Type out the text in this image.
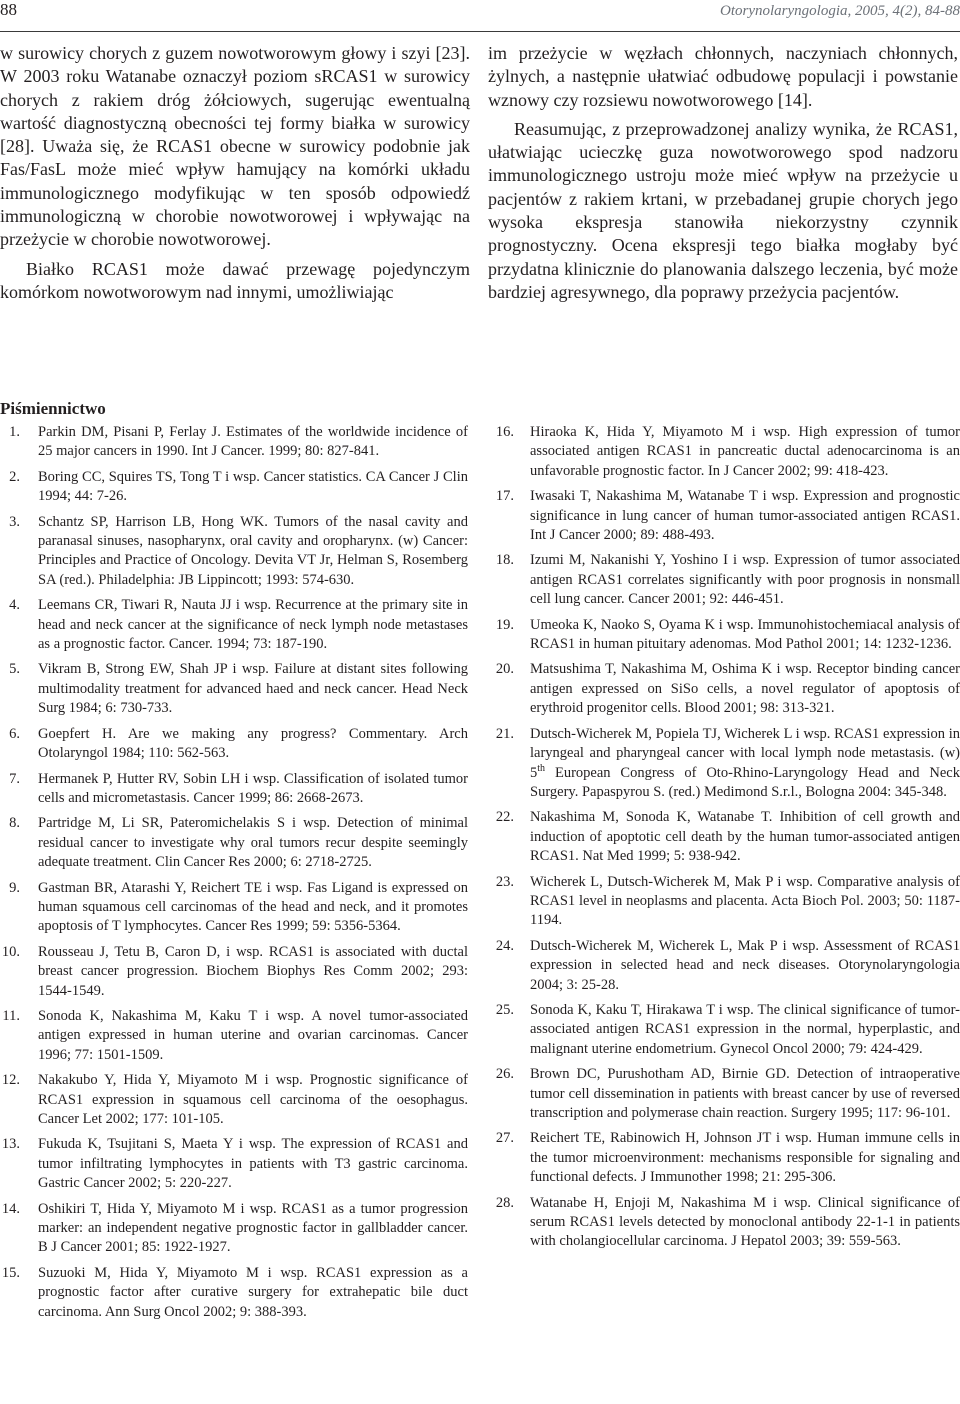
88	Otorynolaryngologia, 2005, 4(2), 84-88

w surowicy chorych z guzem nowotworowym głowy i szyi [23]. W 2003 roku Watanabe oznaczył poziom sRCAS1 w surowicy chorych z rakiem dróg żółciowych, sugerując ewentualną wartość diagnostyczną obecności tej formy białka w surowicy [28]. Uważa się, że RCAS1 obecne w surowicy podobnie jak Fas/FasL może mieć wpływ hamujący na komórki układu immunologicznego modyfikując w ten sposób odpowiedź immunologiczną w chorobie nowotworowej i wpływając na przeżycie w chorobie nowotworowej.

Białko RCAS1 może dawać przewagę pojedynczym komórkom nowotworowym nad innymi, umożliwiając

im przeżycie w węzłach chłonnych, naczyniach chłonnych, żylnych, a następnie ułatwiać odbudowę populacji i powstanie wznowy czy rozsiewu nowotworowego [14].

Reasumując, z przeprowadzonej analizy wynika, że RCAS1, ułatwiając ucieczkę guza nowotworowego spod nadzoru immunologicznego ustroju może mieć wpływ na przeżycie u pacjentów z rakiem krtani, w przebadanej grupie chorych jego wysoka ekspresja stanowiła niekorzystny czynnik prognostyczny. Ocena ekspresji tego białka mogłaby być przydatna klinicznie do planowania dalszego leczenia, być może bardziej agresywnego, dla poprawy przeżycia pacjentów.

Piśmiennictwo
1.	Parkin DM, Pisani P, Ferlay J. Estimates of the worldwide incidence of 25 major cancers in 1990. Int J Cancer. 1999; 80: 827-841.
2.	Boring CC, Squires TS, Tong T i wsp. Cancer statistics. CA Cancer J Clin 1994; 44: 7-26.
3.	Schantz SP, Harrison LB, Hong WK. Tumors of the nasal cavity and paranasal sinuses, nasopharynx, oral cavity and oropharynx. (w) Cancer: Principles and Practice of Oncology. Devita VT Jr, Helman S, Rosemberg SA (red.). Philadelphia: JB Lippincott; 1993: 574-630.
4.	Leemans CR, Tiwari R, Nauta JJ i wsp. Recurrence at the primary site in head and neck cancer at the significance of neck lymph node metastases as a prognostic factor. Cancer. 1994; 73: 187-190.
5.	Vikram B, Strong EW, Shah JP i wsp. Failure at distant sites following multimodality treatment for advanced haed and neck cancer. Head Neck Surg 1984; 6: 730-733.
6.	Goepfert H. Are we making any progress? Commentary. Arch Otolaryngol 1984; 110: 562-563.
7.	Hermanek P, Hutter RV, Sobin LH i wsp. Classification of isolated tumor cells and micrometastasis. Cancer 1999; 86: 2668-2673.
8.	Partridge M, Li SR, Pateromichelakis S i wsp. Detection of minimal residual cancer to investigate why oral tumors recur despite seemingly adequate treatment. Clin Cancer Res 2000; 6: 2718-2725.
9.	Gastman BR, Atarashi Y, Reichert TE i wsp. Fas Ligand is expressed on human squamous cell carcinomas of the head and neck, and it promotes apoptosis of T lymphocytes. Cancer Res 1999; 59: 5356-5364.
10.	Rousseau J, Tetu B, Caron D, i wsp. RCAS1 is associated with ductal breast cancer progression. Biochem Biophys Res Comm 2002; 293: 1544-1549.
11.	Sonoda K, Nakashima M, Kaku T i wsp. A novel tumor-associated antigen expressed in human uterine and ovarian carcinomas. Cancer 1996; 77: 1501-1509.
12.	Nakakubo Y, Hida Y, Miyamoto M i wsp. Prognostic significance of RCAS1 expression in squamous cell carcinoma of the oesophagus. Cancer Let 2002; 177: 101-105.
13.	Fukuda K, Tsujitani S, Maeta Y i wsp. The expression of RCAS1 and tumor infiltrating lymphocytes in patients with T3 gastric carcinoma. Gastric Cancer 2002; 5: 220-227.
14.	Oshikiri T, Hida Y, Miyamoto M i wsp. RCAS1 as a tumor progression marker: an independent negative prognostic factor in gallbladder cancer. B J Cancer 2001; 85: 1922-1927.
15.	Suzuoki M, Hida Y, Miyamoto M i wsp. RCAS1 expression as a prognostic factor after curative surgery for extrahepatic bile duct carcinoma. Ann Surg Oncol 2002; 9: 388-393.
16.	Hiraoka K, Hida Y, Miyamoto M i wsp. High expression of tumor associated antigen RCAS1 in pancreatic ductal adenocarcinoma is an unfavorable prognostic factor. In J Cancer 2002; 99: 418-423.
17.	Iwasaki T, Nakashima M, Watanabe T i wsp. Expression and prognostic significance in lung cancer of human tumor-associated antigen RCAS1. Int J Cancer 2000; 89: 488-493.
18.	Izumi M, Nakanishi Y, Yoshino I i wsp. Expression of tumor associated antigen RCAS1 correlates significantly with poor prognosis in nonsmall cell lung cancer. Cancer 2001; 92: 446-451.
19.	Umeoka K, Naoko S, Oyama K i wsp. Immunohistochemiacal analysis of RCAS1 in human pituitary adenomas. Mod Pathol 2001; 14: 1232-1236.
20.	Matsushima T, Nakashima M, Oshima K i wsp. Receptor binding cancer antigen expressed on SiSo cells, a novel regulator of apoptosis of erythroid progenitor cells. Blood 2001; 98: 313-321.
21.	Dutsch-Wicherek M, Popiela TJ, Wicherek L i wsp. RCAS1 expression in laryngeal and pharyngeal cancer with local lymph node metastasis. (w) 5th European Congress of Oto-Rhino-Laryngology Head and Neck Surgery. Papaspyrou S. (red.) Medimond S.r.l., Bologna 2004: 345-348.
22.	Nakashima M, Sonoda K, Watanabe T. Inhibition of cell growth and induction of apoptotic cell death by the human tumor-associated antigen RCAS1. Nat Med 1999; 5: 938-942.
23.	Wicherek L, Dutsch-Wicherek M, Mak P i wsp. Comparative analysis of RCAS1 level in neoplasms and placenta. Acta Bioch Pol. 2003; 50: 1187-1194.
24.	Dutsch-Wicherek M, Wicherek L, Mak P i wsp. Assessment of RCAS1 expression in selected head and neck diseases. Otorynolaryngologia 2004; 3: 25-28.
25.	Sonoda K, Kaku T, Hirakawa T i wsp. The clinical significance of tumor-associated antigen RCAS1 expression in the normal, hyperplastic, and malignant uterine endometrium. Gynecol Oncol 2000; 79: 424-429.
26.	Brown DC, Purushotham AD, Birnie GD. Detection of intraoperative tumor cell dissemination in patients with breast cancer by use of reversed transcription and polymerase chain reaction. Surgery 1995; 117: 96-101.
27.	Reichert TE, Rabinowich H, Johnson JT i wsp. Human immune cells in the tumor microenvironment: mechanisms responsible for signaling and functional defects. J Immunother 1998; 21: 295-306.
28.	Watanabe H, Enjoji M, Nakashima M i wsp. Clinical significance of serum RCAS1 levels detected by monoclonal antibody 22-1-1 in patients with cholangiocellular carcinoma. J Hepatol 2003; 39: 559-563.
